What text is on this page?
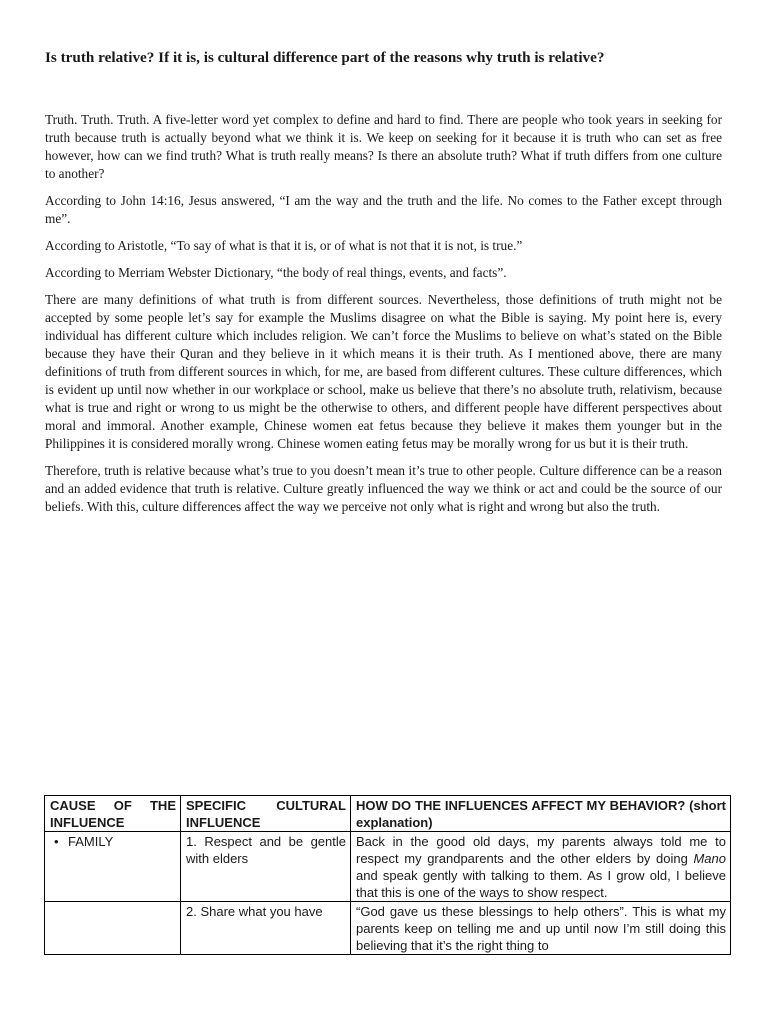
Is truth relative? If it is, is cultural difference part of the reasons why truth is relative?

Truth. Truth. Truth. A five-letter word yet complex to define and hard to find. There are people who took years in seeking for truth because truth is actually beyond what we think it is. We keep on seeking for it because it is truth who can set as free however, how can we find truth? What is truth really means? Is there an absolute truth? What if truth differs from one culture to another?

According to John 14:16, Jesus answered, “I am the way and the truth and the life. No comes to the Father except through me”.

According to Aristotle, “To say of what is that it is, or of what is not that it is not, is true.”

According to Merriam Webster Dictionary, “the body of real things, events, and facts”.

There are many definitions of what truth is from different sources. Nevertheless, those definitions of truth might not be accepted by some people let’s say for example the Muslims disagree on what the Bible is saying. My point here is, every individual has different culture which includes religion. We can’t force the Muslims to believe on what’s stated on the Bible because they have their Quran and they believe in it which means it is their truth. As I mentioned above, there are many definitions of truth from different sources in which, for me, are based from different cultures. These culture differences, which is evident up until now whether in our workplace or school, make us believe that there’s no absolute truth, relativism, because what is true and right or wrong to us might be the otherwise to others, and different people have different perspectives about moral and immoral. Another example, Chinese women eat fetus because they believe it makes them younger but in the Philippines it is considered morally wrong. Chinese women eating fetus may be morally wrong for us but it is their truth.

Therefore, truth is relative because what’s true to you doesn’t mean it’s true to other people. Culture difference can be a reason and an added evidence that truth is relative. Culture greatly influenced the way we think or act and could be the source of our beliefs. With this, culture differences affect the way we perceive not only what is right and wrong but also the truth.

CAUSE OF THE INFLUENCE	SPECIFIC CULTURAL INFLUENCE	HOW DO THE INFLUENCES AFFECT MY BEHAVIOR? (short explanation)

• FAMILY	1. Respect and be gentle with elders	Back in the good old days, my parents always told me to respect my grandparents and the other elders by doing Mano and speak gently with talking to them. As I grow old, I believe that this is one of the ways to show respect.
	2. Share what you have	“God gave us these blessings to help others”. This is what my parents keep on telling me and up until now I’m still doing this believing that it’s the right thing to
